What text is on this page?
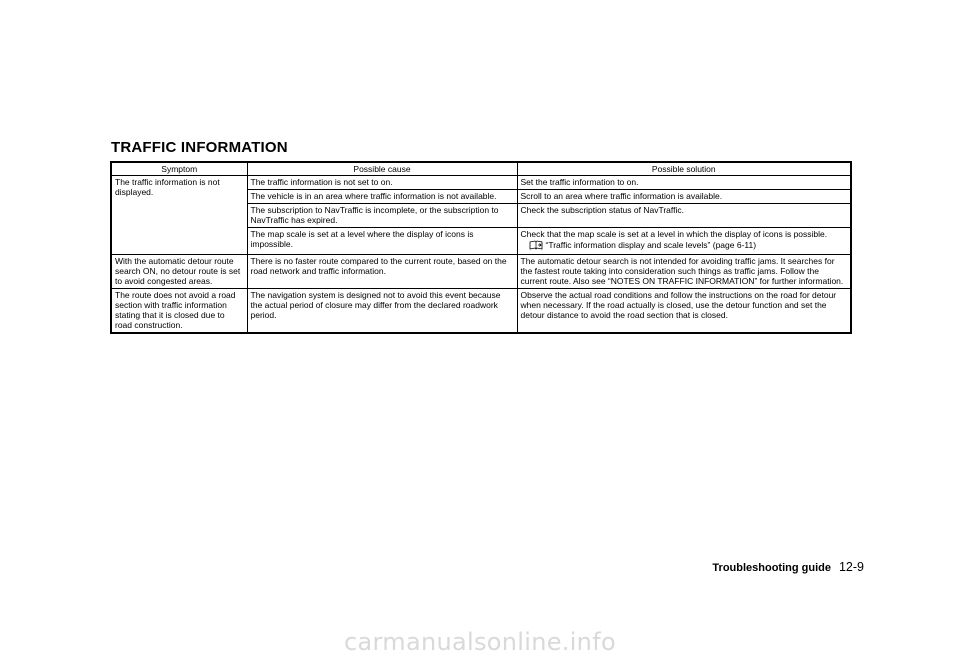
TRAFFIC INFORMATION
Symptom	Possible cause	Possible solution
The traffic information is not displayed.	The traffic information is not set to on.	Set the traffic information to on.
	The vehicle is in an area where traffic information is not available.	Scroll to an area where traffic information is available.
	The subscription to NavTraffic is incomplete, or the subscription to NavTraffic has expired.	Check the subscription status of NavTraffic.
	The map scale is set at a level where the display of icons is impossible.	Check that the map scale is set at a level in which the display of icons is possible.
“Traffic information display and scale levels” (page 6-11)

With the automatic detour route search ON, no detour route is set to avoid congested areas.	There is no faster route compared to the current route, based on the road network and traffic information.	The automatic detour search is not intended for avoiding traffic jams. It searches for the fastest route taking into consideration such things as traffic jams. Follow the current route. Also see “NOTES ON TRAFFIC INFORMATION” for further information.
The route does not avoid a road section with traffic information stating that it is closed due to road construction.	The navigation system is designed not to avoid this event because the actual period of closure may differ from the declared roadwork period.	Observe the actual road conditions and follow the instructions on the road for detour when necessary. If the road actually is closed, use the detour function and set the detour distance to avoid the road section that is closed.
Troubleshooting guide 12-9
carmanualsonline.info
